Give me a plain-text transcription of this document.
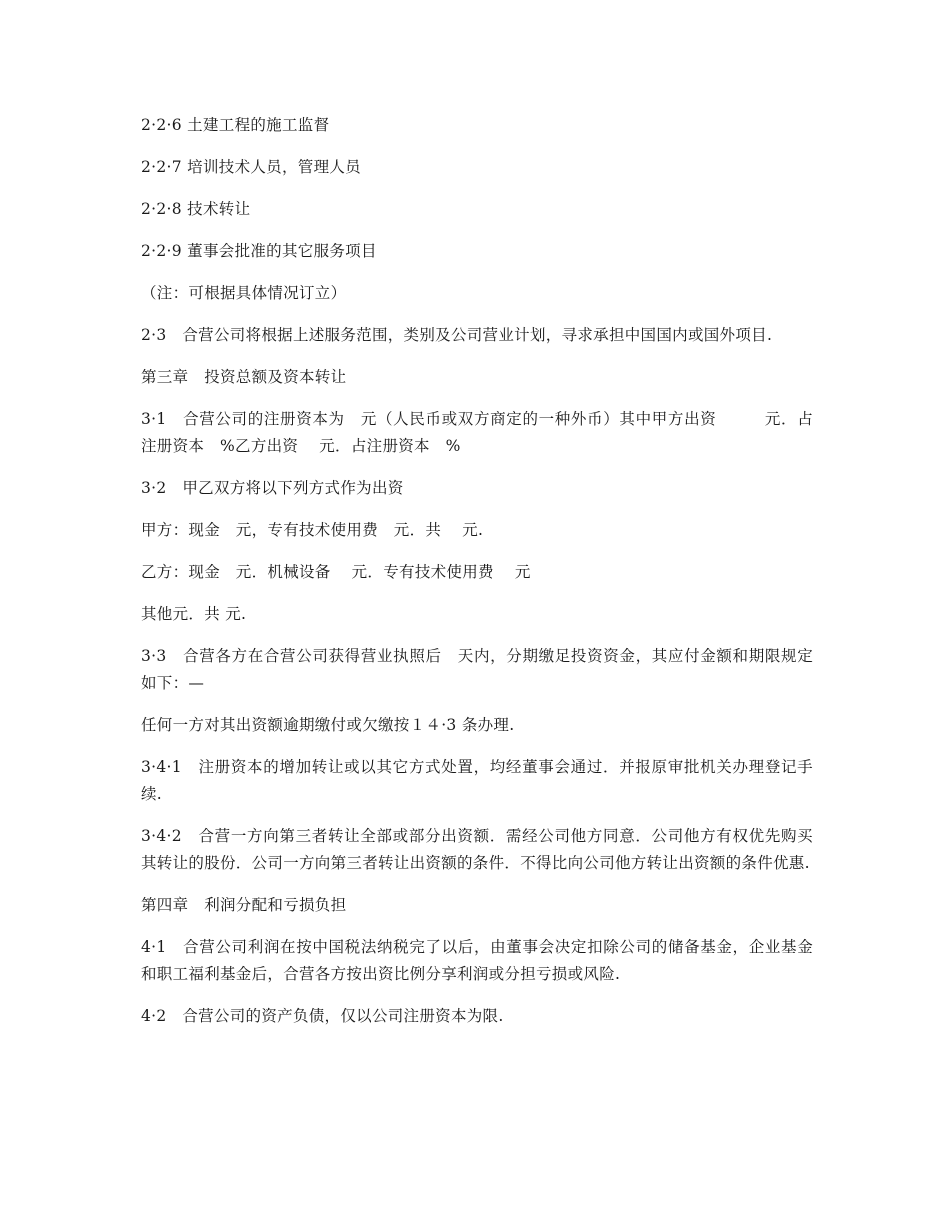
2·2·6 土建工程的施工监督

2·2·7 培训技术人员，管理人员

2·2·8 技术转让

2·2·9 董事会批准的其它服务项目

（注：可根据具体情况订立）

2·3　合营公司将根据上述服务范围，类别及公司营业计划，寻求承担中国国内或国外项目.

第三章　投资总额及资本转让

3·1　合营公司的注册资本为　元（人民币或双方商定的一种外币）其中甲方出资　　　元．占注册资本　%乙方出资　 元．占注册资本　%

3·2　甲乙双方将以下列方式作为出资

甲方：现金　元，专有技术使用费　元．共　 元.

乙方：现金　元．机械设备　 元．专有技术使用费　 元

其他元．共 元.

3·3　合营各方在合营公司获得营业执照后　天内，分期缴足投资资金，其应付金额和期限规定如下：—

任何一方对其出资额逾期缴付或欠缴按１４·3 条办理.

3·4·1　注册资本的增加转让或以其它方式处置，均经董事会通过．并报原审批机关办理登记手续.

3·4·2　合营一方向第三者转让全部或部分出资额．需经公司他方同意．公司他方有权优先购买其转让的股份．公司一方向第三者转让出资额的条件．不得比向公司他方转让出资额的条件优惠.

第四章　利润分配和亏损负担

4·1　合营公司利润在按中国税法纳税完了以后，由董事会决定扣除公司的储备基金，企业基金和职工福利基金后，合营各方按出资比例分享利润或分担亏损或风险.

4·2　合营公司的资产负债，仅以公司注册资本为限.
